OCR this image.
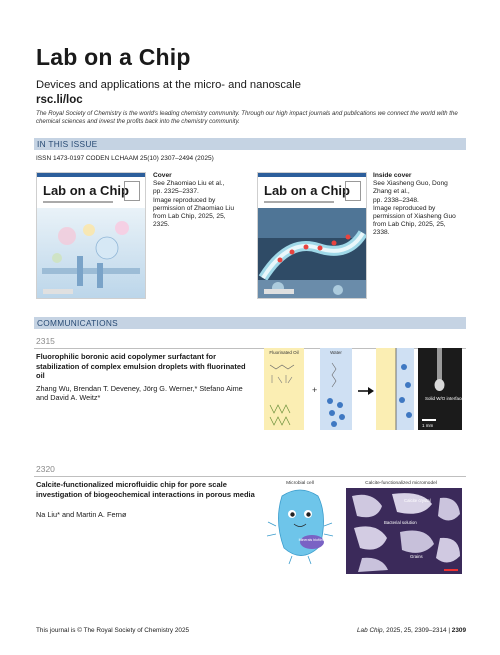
Lab on a Chip
Devices and applications at the micro- and nanoscale
rsc.li/loc
The Royal Society of Chemistry is the world's leading chemistry community. Through our high impact journals and publications we connect the world with the chemical sciences and invest the profits back into the chemistry community.
IN THIS ISSUE
ISSN 1473-0197 CODEN LCHAAM 25(10) 2307–2494 (2025)
Lab on a Chip
Cover
See Zhaomiao Liu et al.,
pp. 2325–2337.
Image reproduced by
permission of Zhaomiao Liu
from Lab Chip, 2025, 25, 2325.
Lab on a Chip
Inside cover
See Xiasheng Guo, Dong
Zhang et al.,
pp. 2338–2348.
Image reproduced by
permission of Xiasheng Guo
from Lab Chip, 2025, 25, 2338.
COMMUNICATIONS
2315
Fluorophilic boronic acid copolymer surfactant for stabilization of complex emulsion droplets with fluorinated oil
Zhang Wu, Brendan T. Deveney, Jörg G. Werner,* Stefano Aime and David A. Weitz*
Fluorinated Oil
+
Water
Solid W/O interface
1 mm
2320
Calcite-functionalized microfluidic chip for pore scale investigation of biogeochemical interactions in porous media
Na Liu* and Martin A. Fernø
Microbial cell
Minerals biofilms
Calcite-functionalized micromodel
Calcite crystal
Bacterial solution
Grains
This journal is © The Royal Society of Chemistry 2025	Lab Chip, 2025, 25, 2309–2314 | 2309
